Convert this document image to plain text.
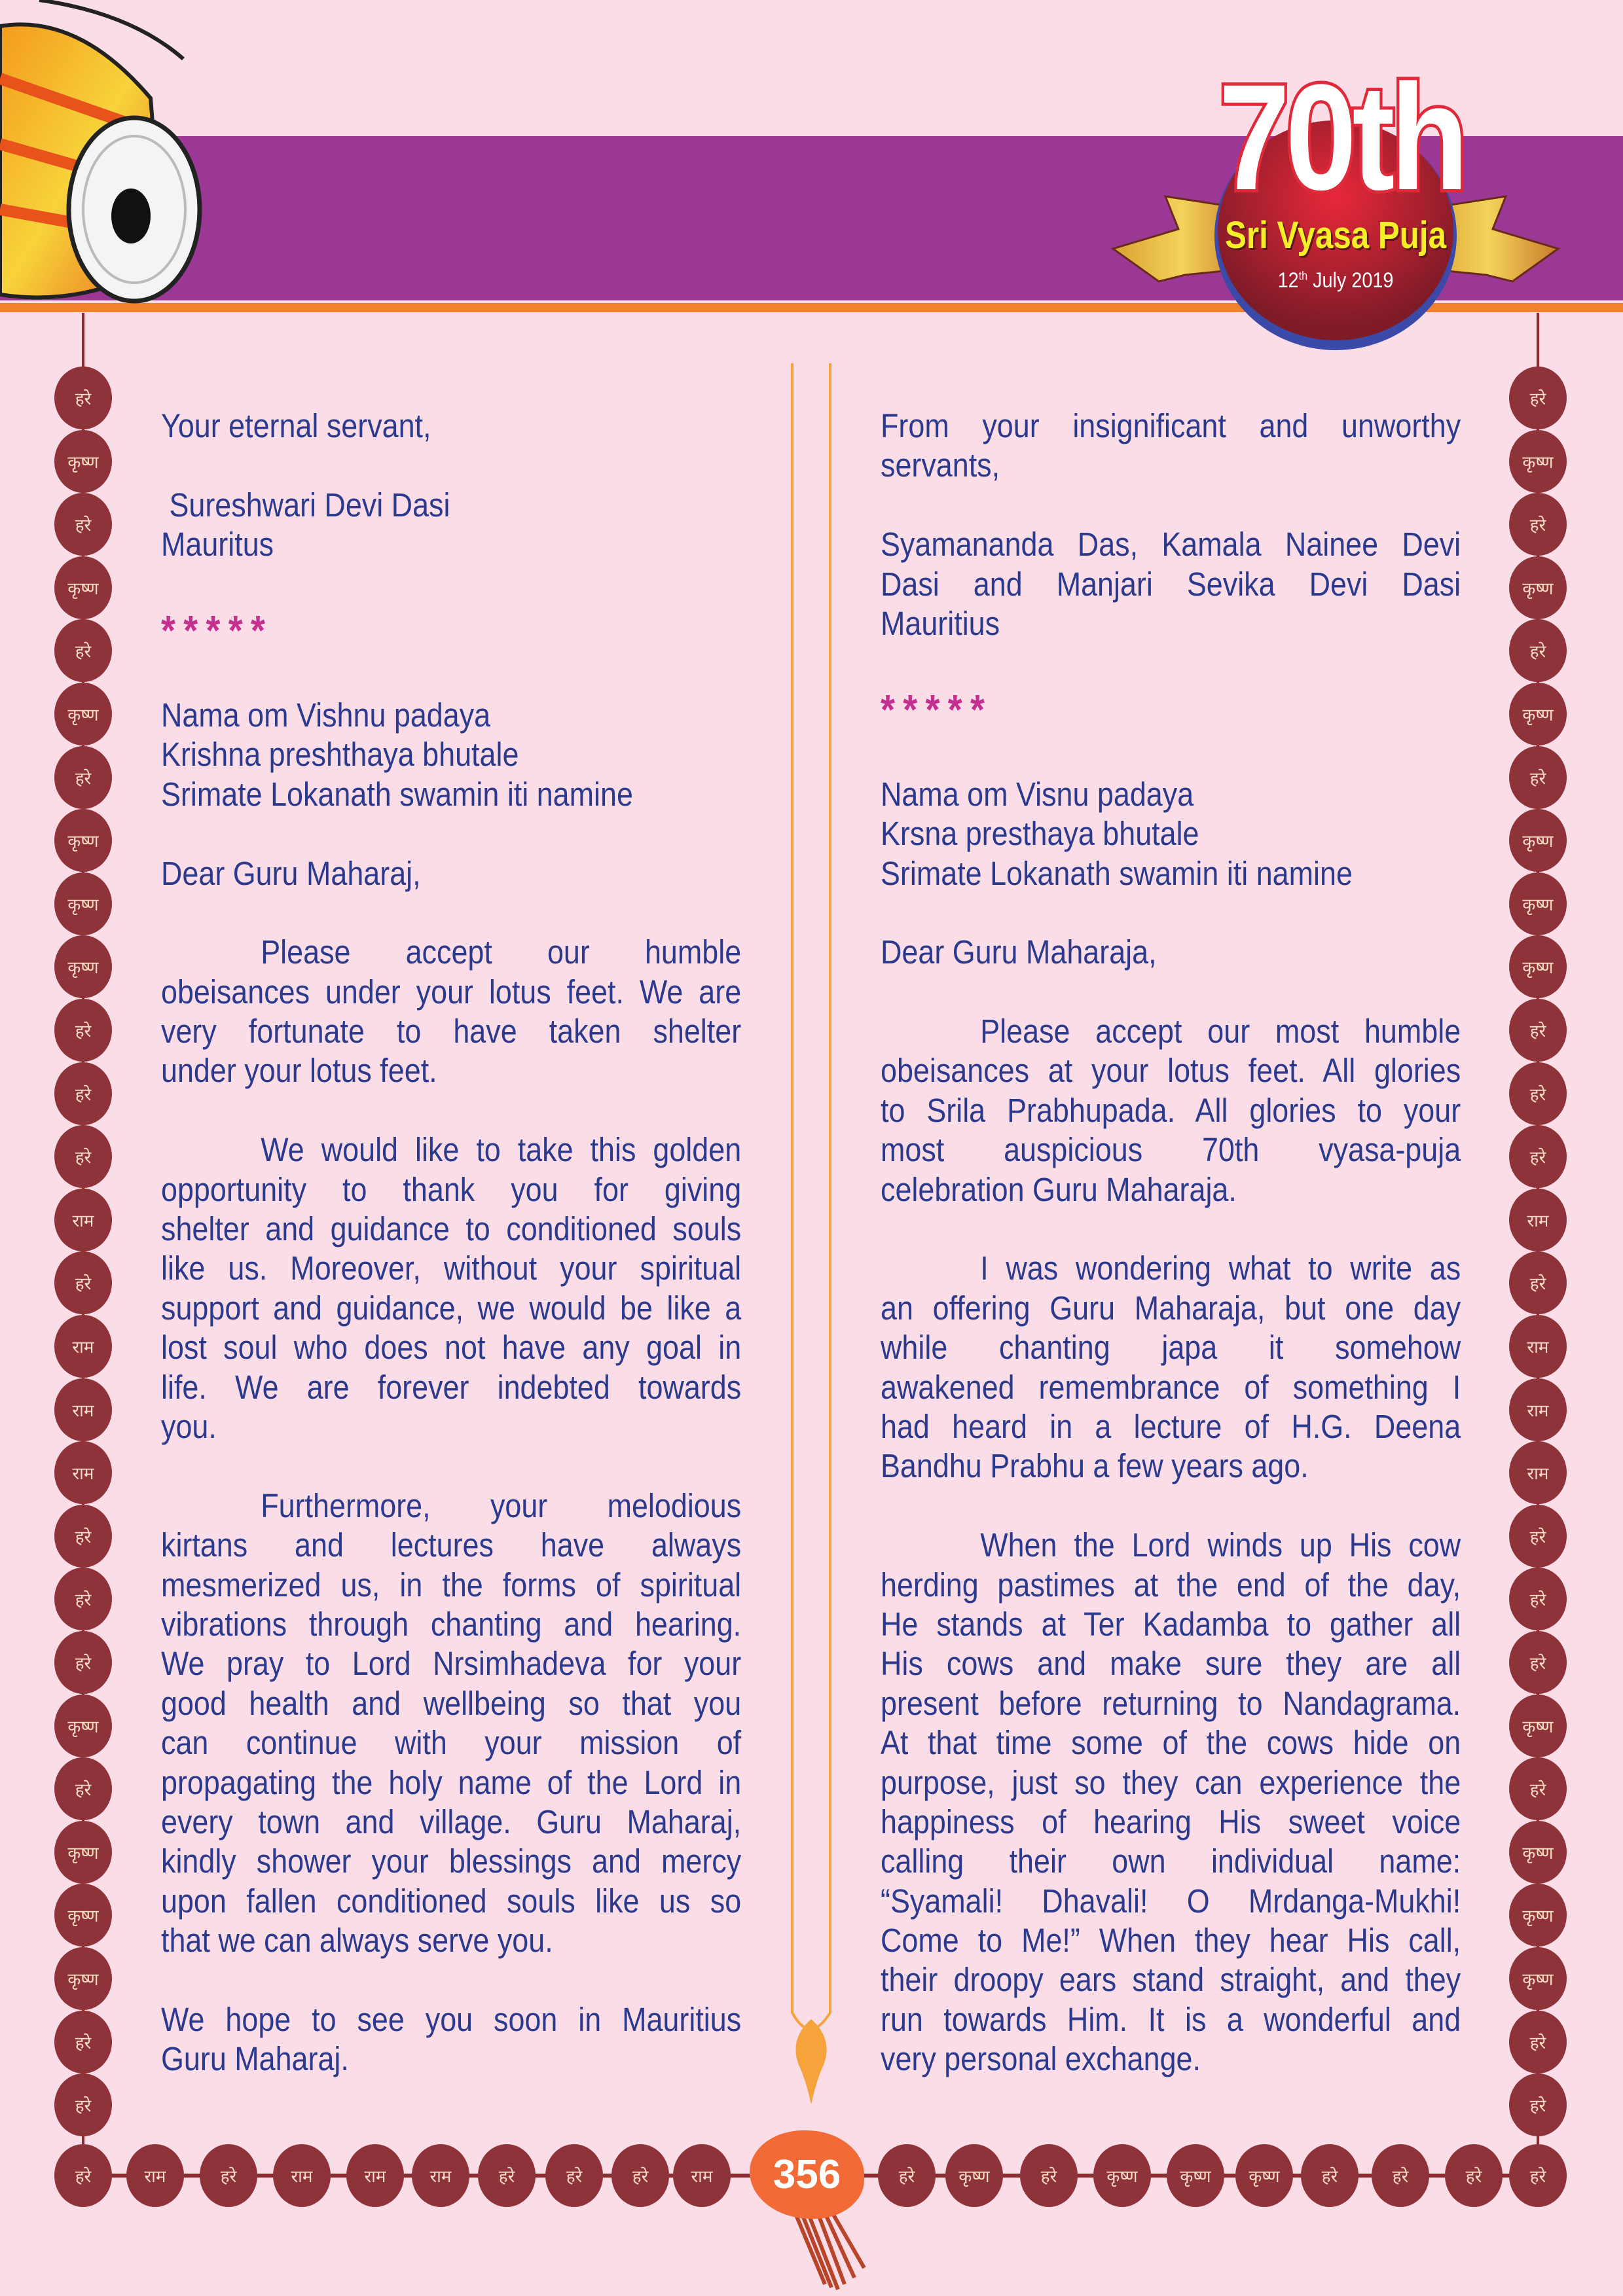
70th
Sri Vyasa Puja
12th July 2019
हरे
कृष्ण
हरे
कृष्ण
हरे
कृष्ण
हरे
कृष्ण
कृष्ण
कृष्ण
हरे
हरे
हरे
राम
हरे
राम
राम
राम
हरे
हरे
हरे
कृष्ण
हरे
कृष्ण
कृष्ण
कृष्ण
हरे
हरे
हरे
कृष्ण
हरे
कृष्ण
हरे
कृष्ण
हरे
कृष्ण
कृष्ण
कृष्ण
हरे
हरे
हरे
राम
हरे
राम
राम
राम
हरे
हरे
हरे
कृष्ण
हरे
कृष्ण
कृष्ण
कृष्ण
हरे
हरे
हरे	राम	हरे	राम	राम	राम	हरे	हरे	हरे	राम	हरे	कृष्ण	हरे	कृष्ण	कृष्ण	कृष्ण	हरे	हरे	हरे	हरे
Your eternal servant,
Sureshwari Devi Dasi
Mauritus
*****
Nama om Vishnu padaya
Krishna preshthaya bhutale
Srimate Lokanath swamin iti namine
Dear Guru Maharaj,
Please accept our humble
obeisances under your lotus feet. We are
very fortunate to have taken shelter
under your lotus feet.
We would like to take this golden
opportunity to thank you for giving
shelter and guidance to conditioned souls
like us. Moreover, without your spiritual
support and guidance, we would be like a
lost soul who does not have any goal in
life. We are forever indebted towards
you.
Furthermore, your melodious
kirtans and lectures have always
mesmerized us, in the forms of spiritual
vibrations through chanting and hearing.
We pray to Lord Nrsimhadeva for your
good health and wellbeing so that you
can continue with your mission of
propagating the holy name of the Lord in
every town and village. Guru Maharaj,
kindly shower your blessings and mercy
upon fallen conditioned souls like us so
that we can always serve you.
We hope to see you soon in Mauritius
Guru Maharaj.
From your insignificant and unworthy
servants,
Syamananda Das, Kamala Nainee Devi
Dasi and Manjari Sevika Devi Dasi
Mauritius
*****
Nama om Visnu padaya
Krsna presthaya bhutale
Srimate Lokanath swamin iti namine
Dear Guru Maharaja,
Please accept our most humble
obeisances at your lotus feet. All glories
to Srila Prabhupada. All glories to your
most auspicious 70th vyasa-puja
celebration Guru Maharaja.
I was wondering what to write as
an offering Guru Maharaja, but one day
while chanting japa it somehow
awakened remembrance of something I
had heard in a lecture of H.G. Deena
Bandhu Prabhu a few years ago.
When the Lord winds up His cow
herding pastimes at the end of the day,
He stands at Ter Kadamba to gather all
His cows and make sure they are all
present before returning to Nandagrama.
At that time some of the cows hide on
purpose, just so they can experience the
happiness of hearing His sweet voice
calling their own individual name:
“Syamali! Dhavali! O Mrdanga-Mukhi!
Come to Me!” When they hear His call,
their droopy ears stand straight, and they
run towards Him. It is a wonderful and
very personal exchange.
356
